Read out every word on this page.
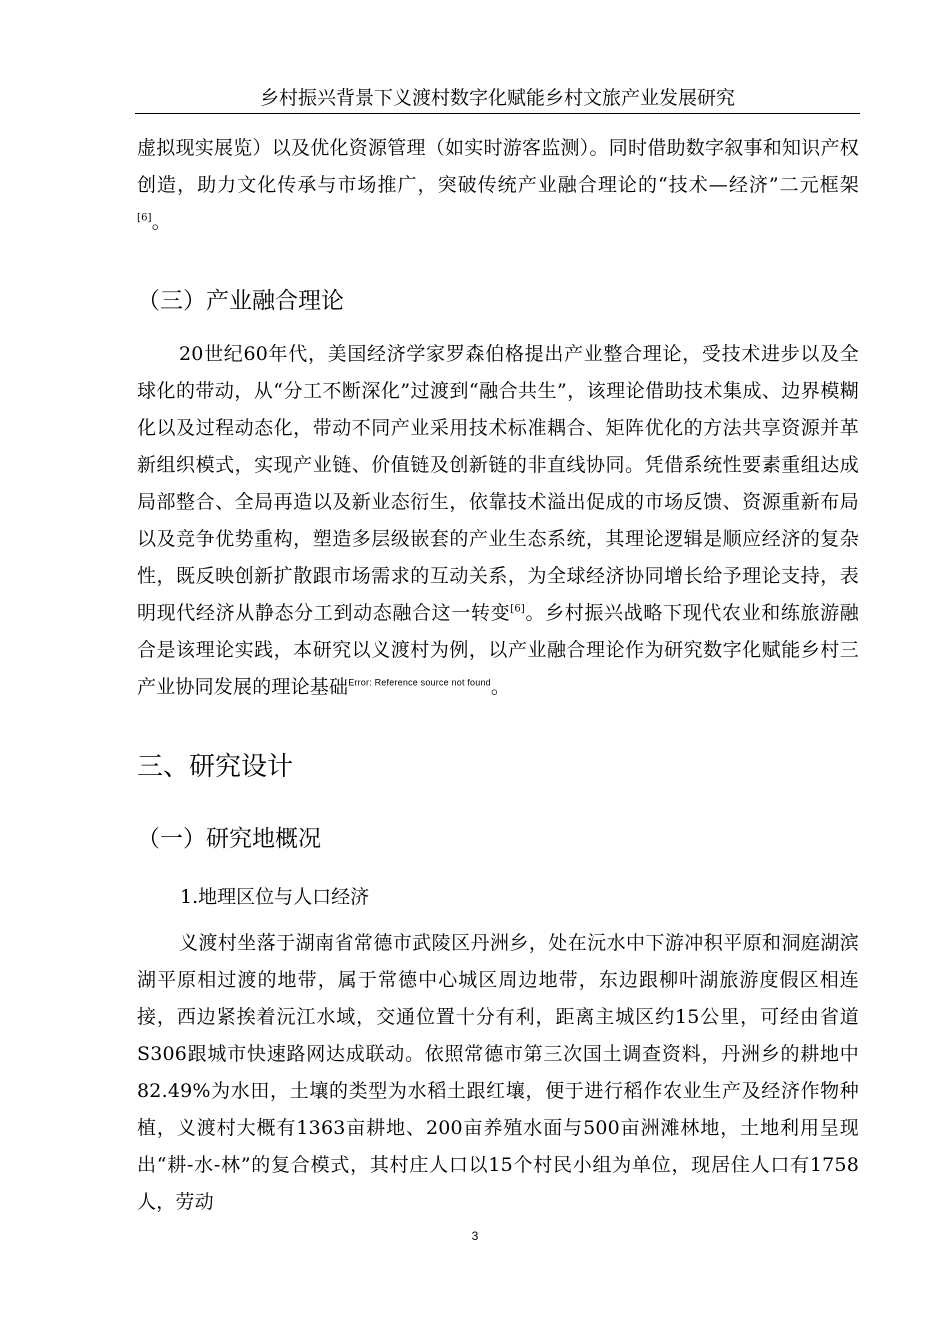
乡村振兴背景下义渡村数字化赋能乡村文旅产业发展研究
虚拟现实展览）以及优化资源管理（如实时游客监测）。同时借助数字叙事和知识产权创造，助力文化传承与市场推广，突破传统产业融合理论的“技术—经济”二元框架[6]。
（三）产业融合理论
20世纪60年代，美国经济学家罗森伯格提出产业整合理论，受技术进步以及全球化的带动，从“分工不断深化”过渡到“融合共生”，该理论借助技术集成、边界模糊化以及过程动态化，带动不同产业采用技术标准耦合、矩阵优化的方法共享资源并革新组织模式，实现产业链、价值链及创新链的非直线协同。凭借系统性要素重组达成局部整合、全局再造以及新业态衍生，依靠技术溢出促成的市场反馈、资源重新布局以及竞争优势重构，塑造多层级嵌套的产业生态系统，其理论逻辑是顺应经济的复杂性，既反映创新扩散跟市场需求的互动关系，为全球经济协同增长给予理论支持，表明现代经济从静态分工到动态融合这一转变[6]。乡村振兴战略下现代农业和练旅游融合是该理论实践，本研究以义渡村为例，以产业融合理论作为研究数字化赋能乡村三产业协同发展的理论基础$^{Error: Reference source not found}$。
三、研究设计
（一）研究地概况
1.地理区位与人口经济
义渡村坐落于湖南省常德市武陵区丹洲乡，处在沅水中下游冲积平原和洞庭湖滨湖平原相过渡的地带，属于常德中心城区周边地带，东边跟柳叶湖旅游度假区相连接，西边紧挨着沅江水域，交通位置十分有利，距离主城区约15公里，可经由省道S306跟城市快速路网达成联动。依照常德市第三次国土调查资料，丹洲乡的耕地中82.49%为水田，土壤的类型为水稻土跟红壤，便于进行稻作农业生产及经济作物种植，义渡村大概有1363亩耕地、200亩养殖水面与500亩洲滩林地，土地利用呈现出“耕-水-林”的复合模式，其村庄人口以15个村民小组为单位，现居住人口有1758人，劳动
3
